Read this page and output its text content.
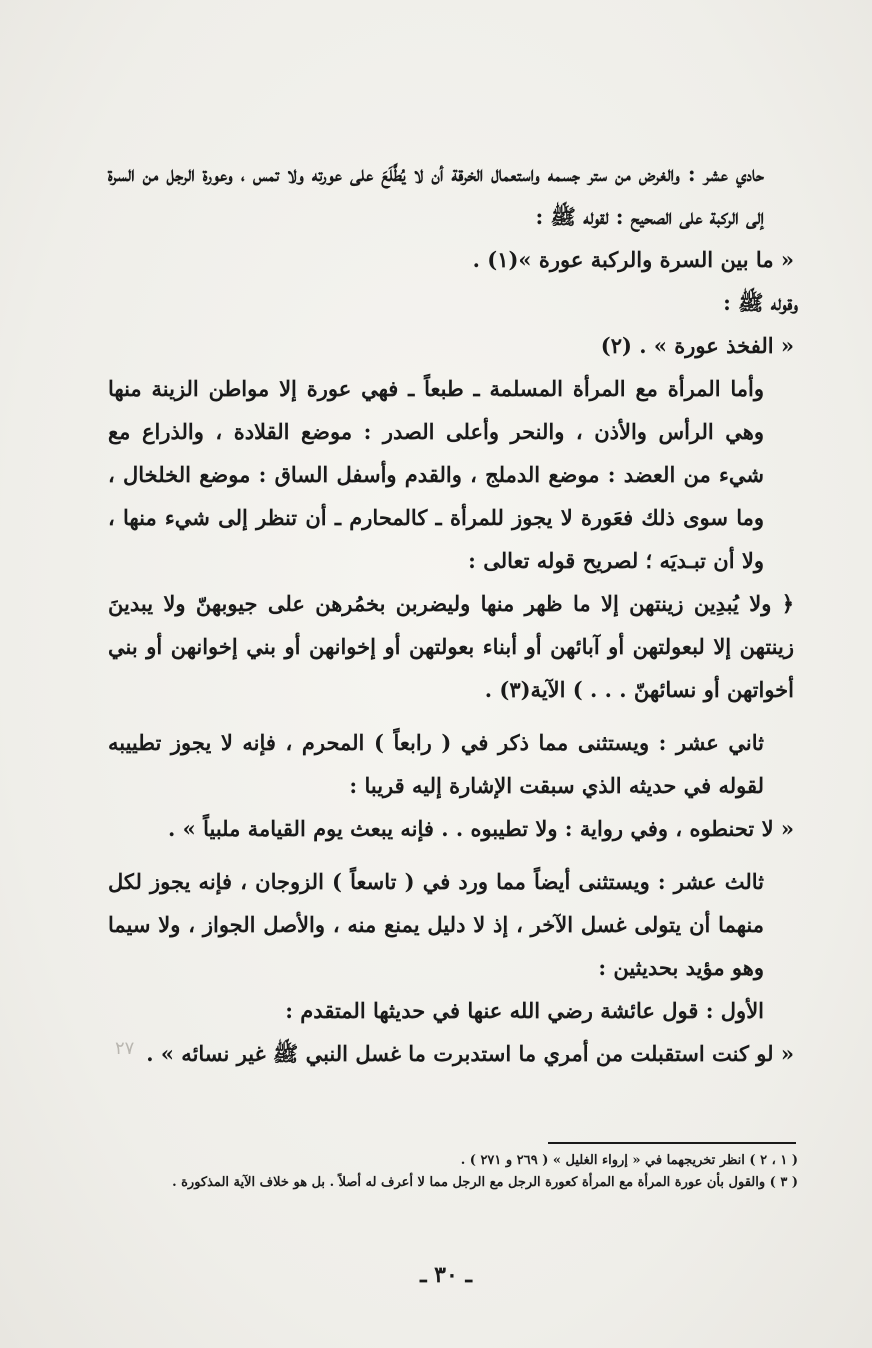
حادي عشر : والغرض من ستر جسمه واستعمال الخرقة أن لا يُطَّلَعَ على عورته ولا تمس ، وعورة الرجل من السرة إلى الركبة على الصحيح : لقوله ﷺ :

« ما بين السرة والركبة عورة »(١) .

وقوله ﷺ :

« الفخذ عورة » . (٢)

وأما المرأة مع المرأة المسلمة ـ طبعاً ـ فهي عورة إلا مواطن الزينة منها وهي الرأس والأذن ، والنحر وأعلى الصدر : موضع القلادة ، والذراع مع شيء من العضد : موضع الدملج ، والقدم وأسفل الساق : موضع الخلخال ، وما سوى ذلك فعَورة لا يجوز للمرأة ـ كالمحارم ـ أن تنظر إلى شيء منها ، ولا أن تبـديَه ؛ لصريح قوله تعالى :

﴿ ولا يُبدِين زينتهن إلا ما ظهر منها وليضربن بخمُرهن على جيوبهنّ ولا يبدينَ زينتهن إلا لبعولتهن أو آبائهن أو أبناء بعولتهن أو إخوانهن أو بني إخوانهن أو بني أخواتهن أو نسائهنّ . . . ) الآية(٣) .

ثاني عشر : ويستثنى مما ذكر في ( رابعاً ) المحرم ، فإنه لا يجوز تطييبه لقوله في حديثه الذي سبقت الإشارة إليه قريبا :

« لا تحنطوه ، وفي رواية : ولا تطيبوه . . فإنه يبعث يوم القيامة ملبياً » .

ثالث عشر : ويستثنى أيضاً مما ورد في ( تاسعاً ) الزوجان ، فإنه يجوز لكل منهما أن يتولى غسل الآخر ، إذ لا دليل يمنع منه ، والأصل الجواز ، ولا سيما وهو مؤيد بحديثين :

الأول : قول عائشة رضي الله عنها في حديثها المتقدم :

« لو كنت استقبلت من أمري ما استدبرت ما غسل النبي ﷺ غير نسائه » .

٢٧

( ١ ، ٢ ) انظر تخريجهما في « إرواء الغليل » ( ٢٦٩ و ٢٧١ ) .

( ٣ ) والقول بأن عورة المرأة مع المرأة كعورة الرجل مع الرجل مما لا أعرف له أصلاً . بل هو خلاف الآية المذكورة .

ـ ٣٠ ـ
